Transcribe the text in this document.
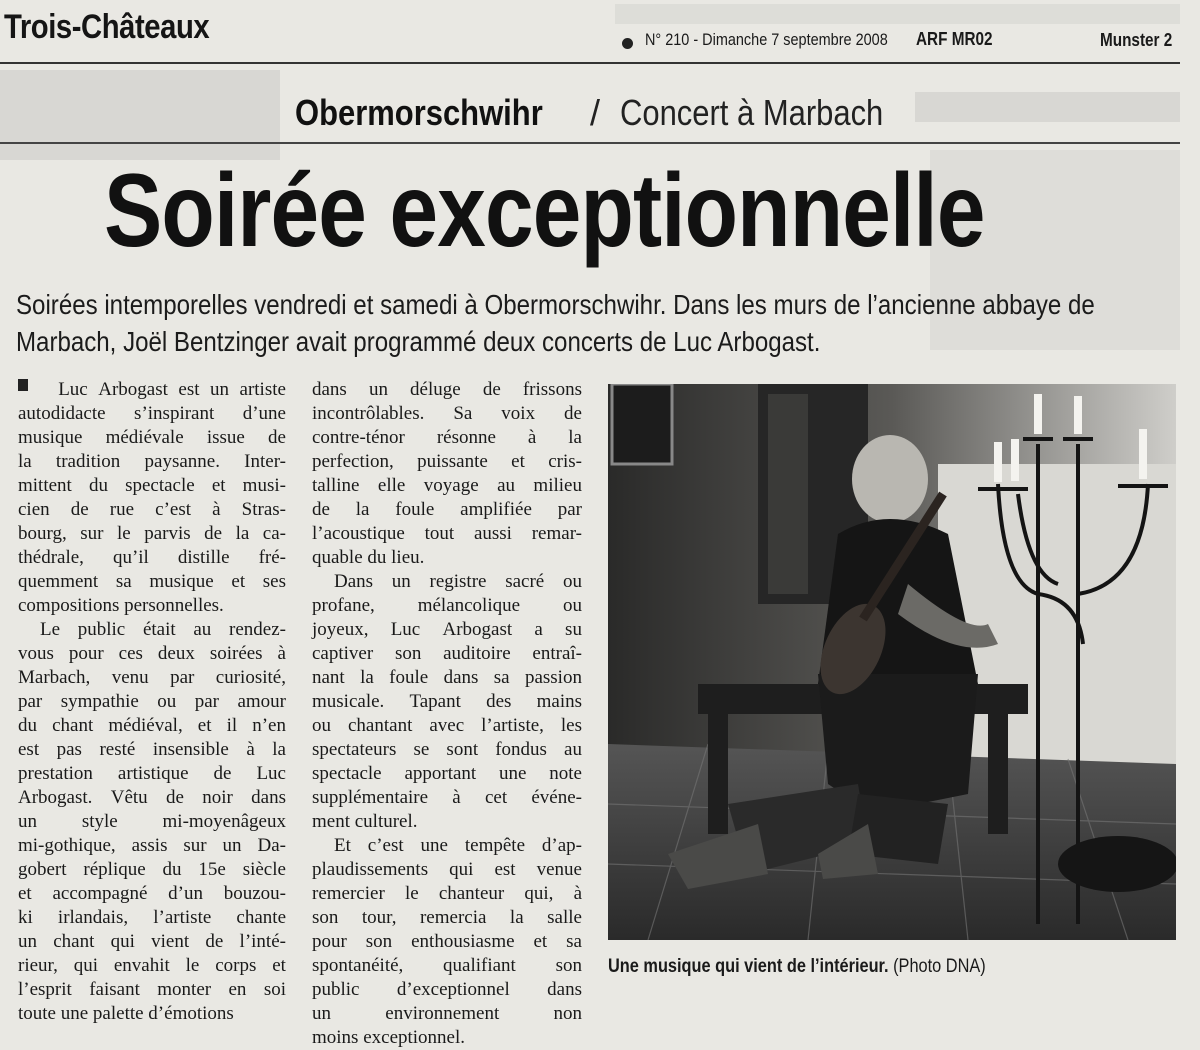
Trois-Châteaux	N° 210 - Dimanche 7 septembre 2008 ARF MR02	Munster 2
Obermorschwihr / Concert à Marbach
Soirée exceptionnelle
Soirées intemporelles vendredi et samedi à Obermorschwihr. Dans les murs de l’ancienne abbaye de
Marbach, Joël Bentzinger avait programmé deux concerts de Luc Arbogast.
Luc Arbogast est un artiste
autodidacte s’inspirant d’une
musique médiévale issue de
la tradition paysanne. Inter-
mittent du spectacle et musi-
cien de rue c’est à Stras-
bourg, sur le parvis de la ca-
thédrale, qu’il distille fré-
quemment sa musique et ses
compositions personnelles.
Le public était au rendez-
vous pour ces deux soirées à
Marbach, venu par curiosité,
par sympathie ou par amour
du chant médiéval, et il n’en
est pas resté insensible à la
prestation artistique de Luc
Arbogast. Vêtu de noir dans
un style mi-moyenâgeux
mi-gothique, assis sur un Da-
gobert réplique du 15e siècle
et accompagné d’un bouzou-
ki irlandais, l’artiste chante
un chant qui vient de l’inté-
rieur, qui envahit le corps et
l’esprit faisant monter en soi
toute une palette d’émotions
dans un déluge de frissons
incontrôlables. Sa voix de
contre-ténor résonne à la
perfection, puissante et cris-
talline elle voyage au milieu
de la foule amplifiée par
l’acoustique tout aussi remar-
quable du lieu.
Dans un registre sacré ou
profane, mélancolique ou
joyeux, Luc Arbogast a su
captiver son auditoire entraî-
nant la foule dans sa passion
musicale. Tapant des mains
ou chantant avec l’artiste, les
spectateurs se sont fondus au
spectacle apportant une note
supplémentaire à cet événe-
ment culturel.
Et c’est une tempête d’ap-
plaudissements qui est venue
remercier le chanteur qui, à
son tour, remercia la salle
pour son enthousiasme et sa
spontanéité, qualifiant son
public d’exceptionnel dans
un	environnement	non
moins exceptionnel.
Une musique qui vient de l’intérieur. (Photo DNA)
